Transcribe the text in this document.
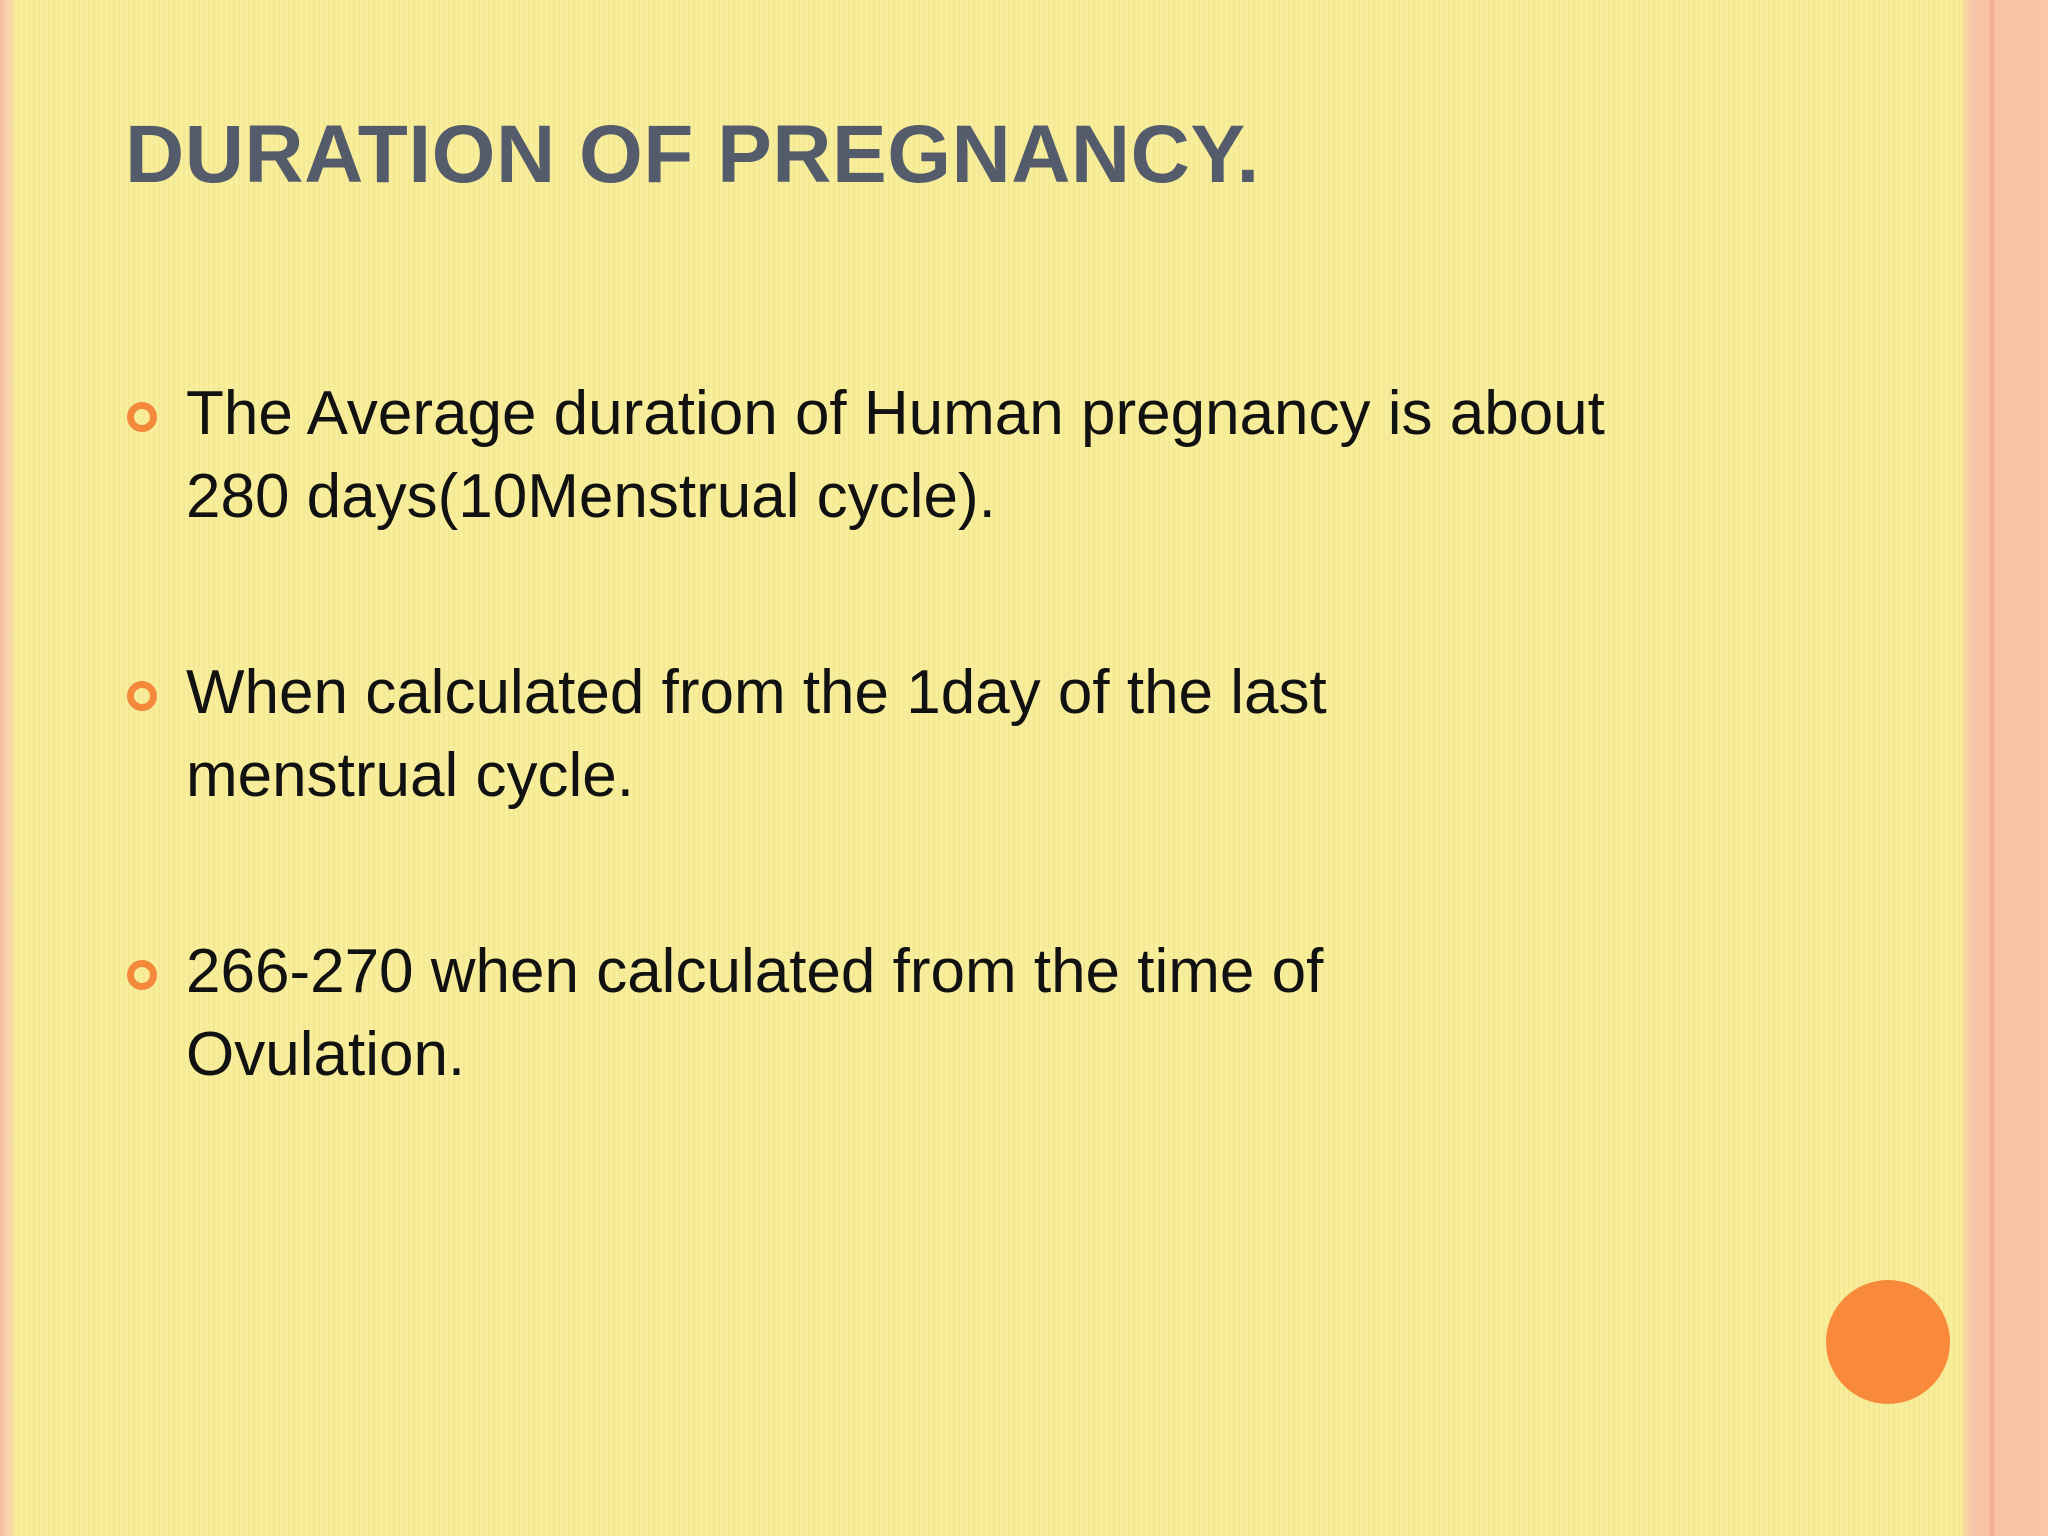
DURATION OF PREGNANCY.
The Average duration of Human pregnancy is about
280 days(10Menstrual cycle).
When calculated from the 1day of the last
menstrual cycle.
266-270 when calculated from the time of
Ovulation.
